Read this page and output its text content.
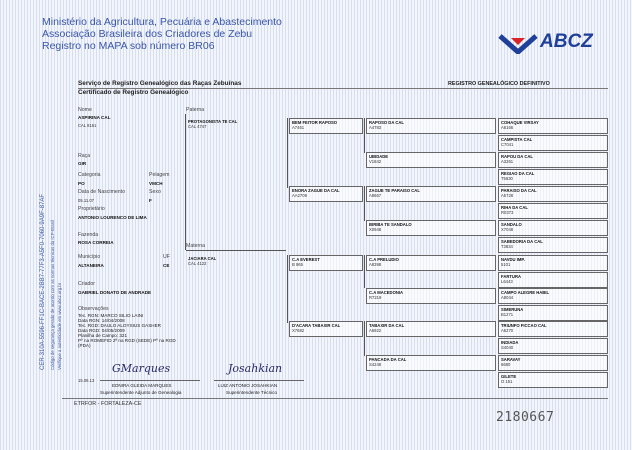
Ministério da Agricultura, Pecuária e Abastecimento
Associação Brasileira dos Criadores de Zebu
Registro no MAPA sob número BR06	ABCZ
Serviço de Registro Genealógico das Raças Zebuínas
Certificado de Registro Genealógico
REGISTRO GENEALÓGICO DEFINITIVO
CER-310A-5596-FF1C-BACE-2BB7-77F3-A5F0-7060-9A9F-87AF Código de segurança gerado de acordo com as normas técnicas da ICP-Brasil Verifique a autenticidade em www.abcz.org.br
Nome
ASPIRINA CAL
CAL 8161
Raça
GIR
Categoria	Pelagem
PO	VMCH
Data de Nascimento	Sexo
05.11.07	F
Proprietário
ANTONIO LOURENCO DE LIMA
Fazenda
ROSA CORREIA
Município	UF
ALTANEIRA	CE
Criador
GABRIEL DONATO DE ANDRADE
Observações
Tec. RGN: MARCO SILIO LAINI
Data RGN: 14/04/2008
Tec. RGD: DAULO ALOYSIUS GASHER
Data RGD: 04/05/2009
Planilha de Campo: 321
Pº na ROMEFID 2ª na RGD (SEDE) Pº na RGD
(PDA)
15.06.13
GMarques
EDNIRA GLEIDA MARQUES
Superintendente Adjunto de Genealogia
Josahkian
LUIZ ANTONIO JOSAHKIAN
Superintendente Técnico
ETRFOR - FORTALEZA-CE
2180667
Paterna
Materna
PROTAGONISTA TE CAL
CAL 4747
JACIARA CAL
CAL 4122
BEM FEITOR RAPOSO
A7461
ENORA ZAGUE DA CAL
AA2709
C.A EVEREST
B 965
D'ACARA TABAXIR CAL
X7682
RAPOSO DA CAL
A4783
UBIDADE
V1842
ZAGUE TE PARAISO CAL
A8667
BIRIBA TE SANDALO
X0948
C.A PRELUDIO
A8398
C.A MACEDONIA
R7219
TABAXIR DA CAL
A6922
PANCADA DA CAL
S4248
COHAQUE VIRSAY
A6166
CAMPISTA CAL
C7041
RAPOU DA CAL
A3261
REGIAO DA CAL
T5630
PARAISO DA CAL
A5728
RIHA DA CAL
R0373
SANDALO
X7048
SABEDORIA DA CAL
T3834
NAVDU IMP.
5101
FARTURA
L6443
CAMPO ALEGRE HABIL
A8044
SIMERUNA
B1271
TRIUNFO FICCAO CAL
A6270
INDIADA
S4040
SARAVAY
6680
GILETE
O 151
